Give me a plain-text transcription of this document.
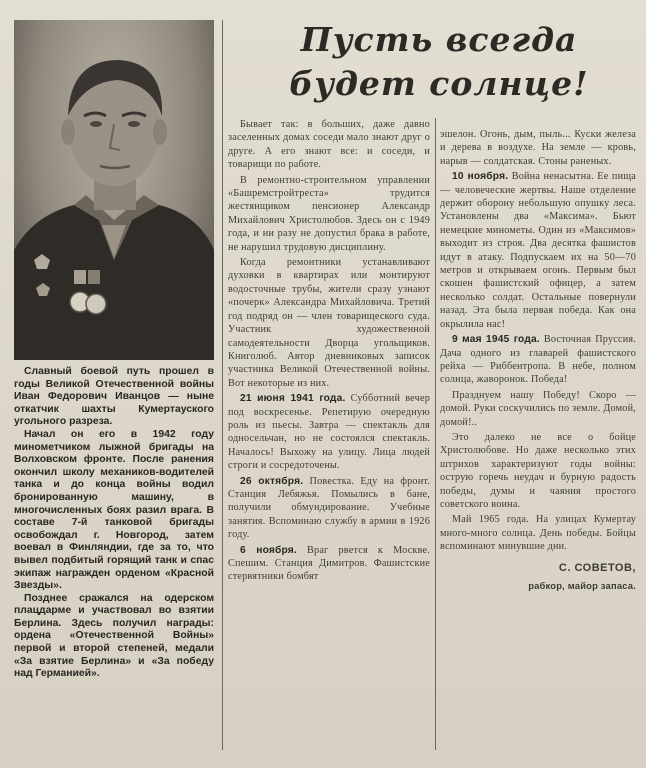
Славный боевой путь прошел в годы Великой Отечественной войны Иван Федорович Иванцов — ныне откатчик шахты Кумертауского угольного разреза.

Начал он его в 1942 году минометчиком лыжной бригады на Волховском фронте. После ранения окончил школу механиков-водителей танка и до конца войны водил бронированную машину, в многочисленных боях разил врага. В составе 7-й танковой бригады освобождал г. Новгород, затем воевал в Финляндии, где за то, что вывел подбитый горящий танк и спас экипаж награжден орденом «Красной Звезды».

Позднее сражался на одерском плацдарме и участвовал во взятии Берлина. Здесь получил награды: ордена «Отечественной Войны» первой и второй степеней, медали «За взятие Берлина» и «За победу над Германией».

Пусть всегда будет солнце!

Бывает так: в больших, даже давно заселенных домах соседи мало знают друг о друге. А его знают все: и соседи, и товарищи по работе.

В ремонтно-строительном управлении «Башремстройтреста» трудится жестянщиком пенсионер Александр Михайлович Христолюбов. Здесь он с 1949 года, и ни разу не допустил брака в работе, не нарушил трудовую дисциплину.

Когда ремонтники устанавливают духовки в квартирах или монтируют водосточные трубы, жители сразу узнают «почерк» Александра Михайловича. Третий год подряд он — член товарищеского суда. Участник художественной самодеятельности Дворца угольщиков. Книголюб. Автор дневниковых записок участника Великой Отечественной войны. Вот некоторые из них.

21 июня 1941 года. Субботний вечер под воскресенье. Репетирую очередную роль из пьесы. Завтра — спектакль для односельчан, но не состоялся спектакль. Началось! Выхожу на улицу. Лица людей строги и сосредоточены.

26 октября. Повестка. Еду на фронт. Станция Лебяжья. Помылись в бане, получили обмундирование. Учебные занятия. Вспоминаю службу в армии в 1926 году.

6 ноября. Враг рвется к Москве. Спешим. Станция Димитров. Фашистские стервятники бомбят

эшелон. Огонь, дым, пыль... Куски железа и дерева в воздухе. На земле — кровь, нарыв — солдатская. Стоны раненых.

10 ноября. Война ненасытна. Ее пища — человеческие жертвы. Наше отделение держит оборону небольшую опушку леса. Установлены два «Максима». Бьют немецкие минометы. Один из «Максимов» выходит из строя. Два десятка фашистов идут в атаку. Подпускаем их на 50—70 метров и открываем огонь. Первым был скошен фашистский офицер, а затем несколько солдат. Остальные повернули назад. Эта была первая победа. Как она окрылила нас!

9 мая 1945 года. Восточная Пруссия. Дача одного из главарей фашистского рейха — Риббентропа. В небе, полном солнца, жаворонок. Победа!

Празднуем нашу Победу! Скоро — домой. Руки соскучились по земле. Домой, домой!..

Это далеко не все о бойце Христолюбове. Но даже несколько этих штрихов характеризуют годы войны: острую горечь неудач и бурную радость победы, думы и чаяния простого советского воина.

Май 1965 года. На улицах Кумертау много-много солнца. День победы. Бойцы вспоминают минувшие дни.

С. СОВЕТОВ,
рабкор, майор запаса.
